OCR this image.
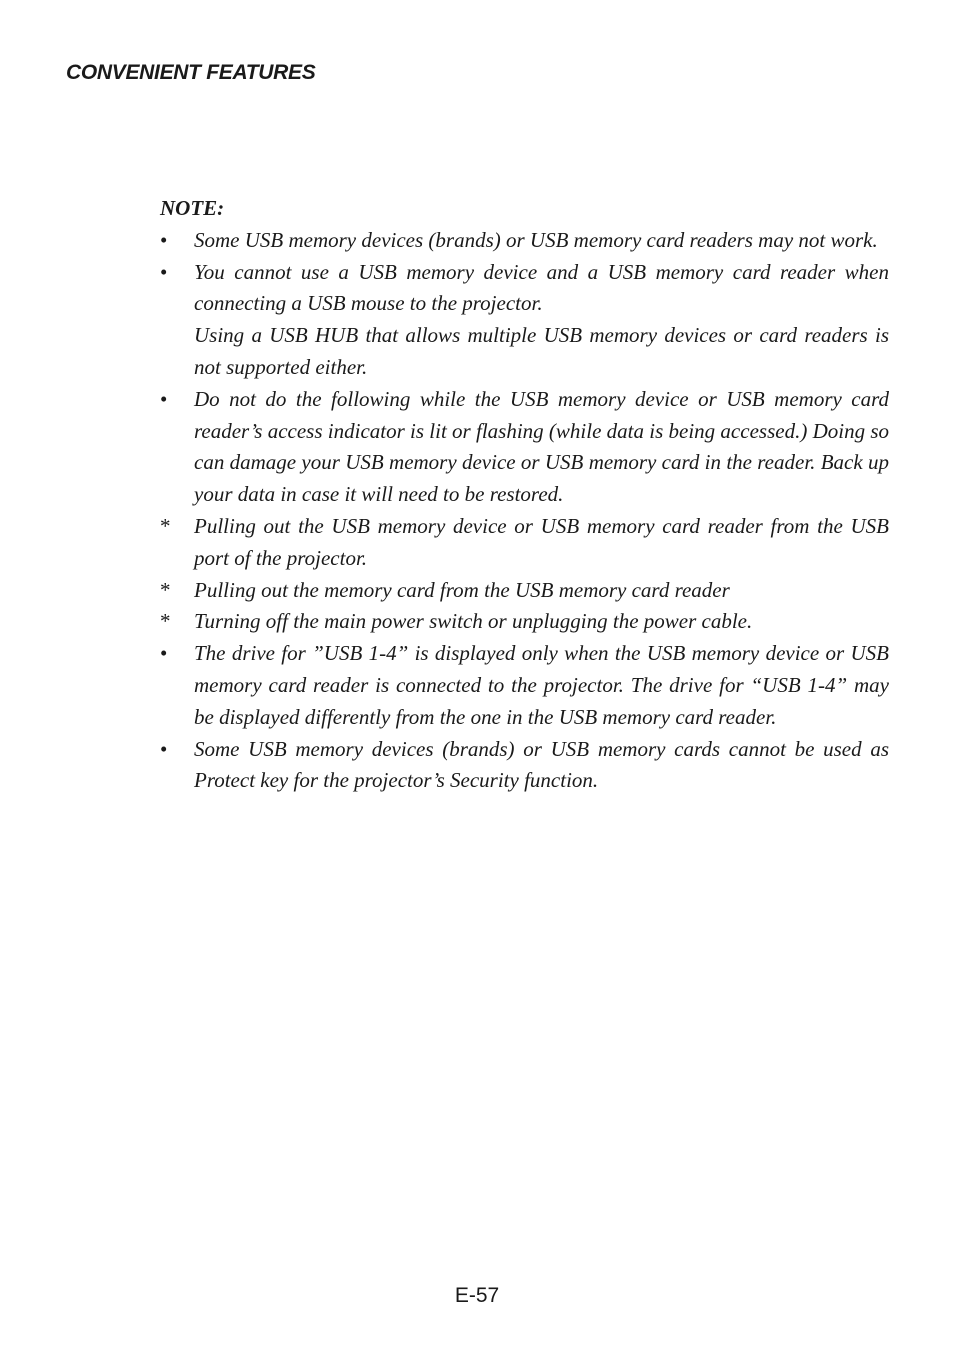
CONVENIENT FEATURES

NOTE:

• Some USB memory devices (brands) or USB memory card readers may not work.
• You cannot use a USB memory device and a USB memory card reader when connecting a USB mouse to the projector.
Using a USB HUB that allows multiple USB memory devices or card readers is not supported either.
• Do not do the following while the USB memory device or USB memory card reader’s access indicator is lit or flashing (while data is being accessed.) Doing so can damage your USB memory device or USB memory card in the reader. Back up your data in case it will need to be restored.
* Pulling out the USB memory device or USB memory card reader from the USB port of the projector.
* Pulling out the memory card from the USB memory card reader
* Turning off the main power switch or unplugging the power cable.
• The drive for ”USB 1-4” is displayed only when the USB memory device or USB memory card reader is connected to the projector. The drive for “USB 1-4” may be displayed differently from the one in the USB memory card reader.
• Some USB memory devices (brands) or USB memory cards cannot be used as Protect key for the projector’s Security function.

E-57
